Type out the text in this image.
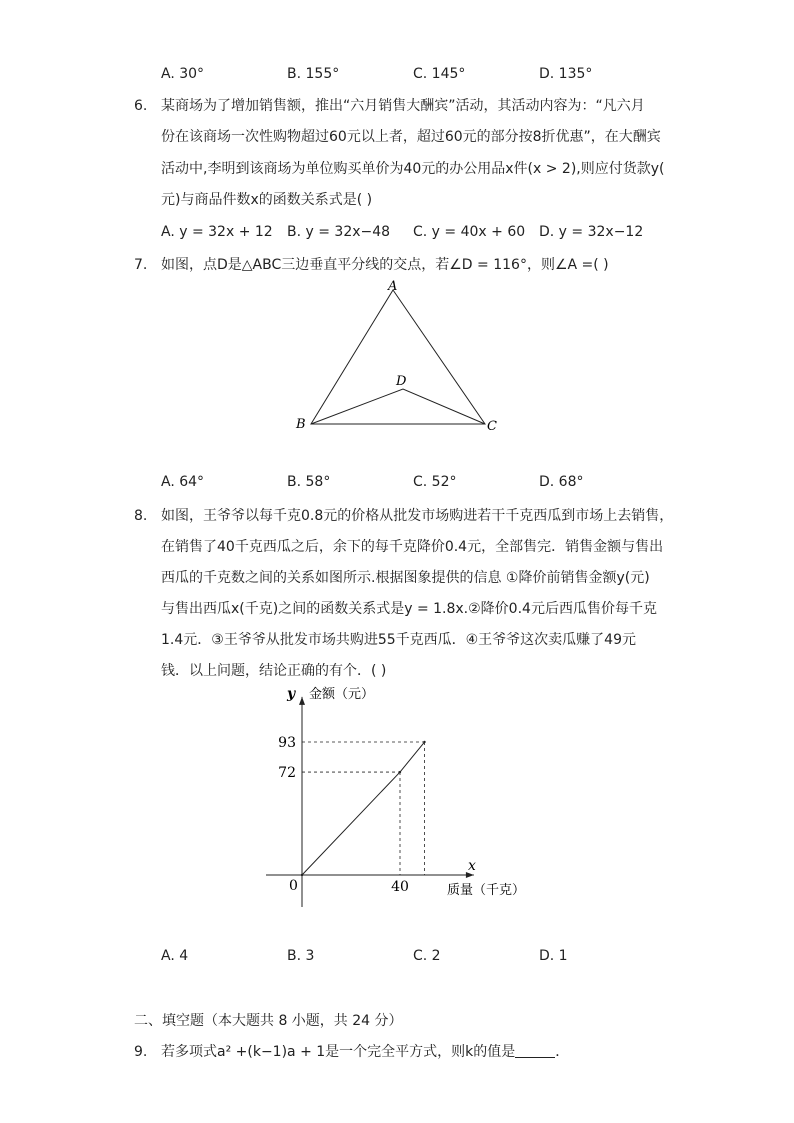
A. 30°	B. 155°	C. 145°	D. 135°
6. 某商场为了增加销售额，推出“六月销售大酬宾”活动，其活动内容为：“凡六月
份在该商场一次性购物超过60元以上者，超过60元的部分按8折优惠”，在大酬宾
活动中,李明到该商场为单位购买单价为40元的办公用品x件(x > 2),则应付货款y(
元)与商品件数x的函数关系式是( )
A. y = 32x + 12 B. y = 32x−48 C. y = 40x + 60 D. y = 32x−12
7. 如图，点D是△ABC三边垂直平分线的交点，若∠D = 116°，则∠A =( )
A
B	C
D
A. 64°	B. 58°	C. 52°	D. 68°
8. 如图，王爷爷以每千克0.8元的价格从批发市场购进若干千克西瓜到市场上去销售，
在销售了40千克西瓜之后，余下的每千克降价0.4元，全部售完．销售金额与售出
西瓜的千克数之间的关系如图所示.根据图象提供的信息 ①降价前销售金额y(元)
与售出西瓜x(千克)之间的函数关系式是y = 1.8x.②降价0.4元后西瓜售价每千克
1.4元．③王爷爷从批发市场共购进55千克西瓜．④王爷爷这次卖瓜赚了49元
钱．以上问题，结论正确的有个．( )
y 金额（元）
x
质量（千克）
0	40
72
93
A. 4	B. 3	C. 2	D. 1
二、填空题（本大题共 8 小题，共 24 分）
9. 若多项式a² +(k−1)a + 1是一个完全平方式，则k的值是	．
